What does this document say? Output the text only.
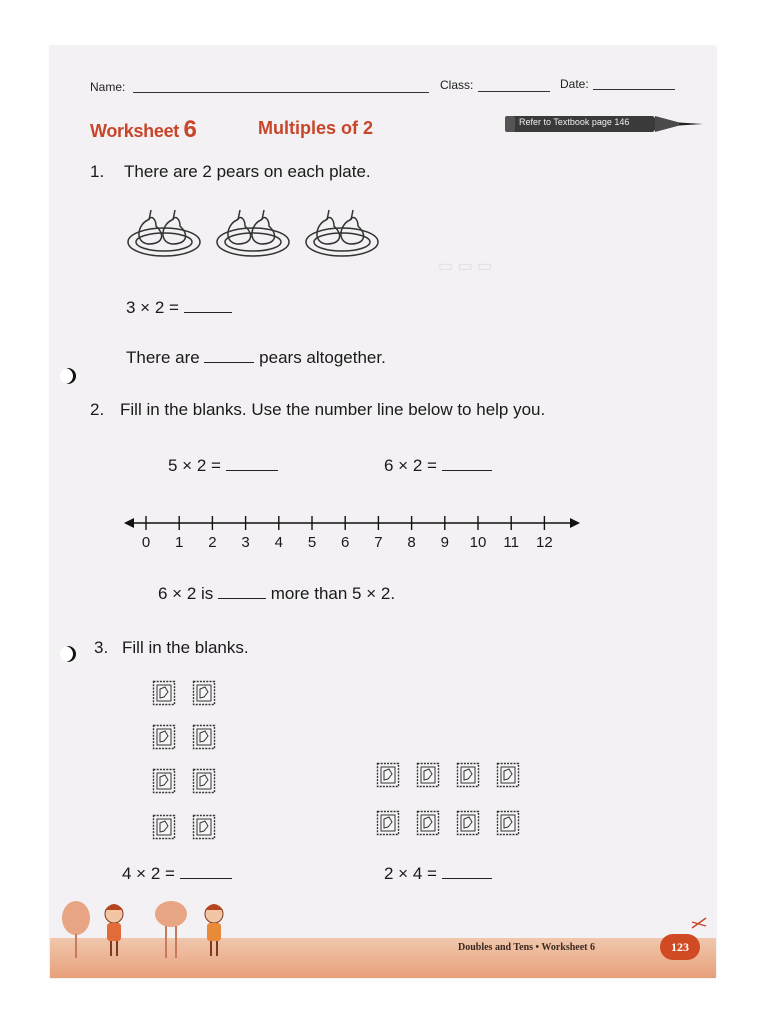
▭ ▭ ▭
Name:	Class:	Date:
Worksheet 6	Multiples of 2	Refer to Textbook page 146
1. There are 2 pears on each plate.
3 × 2 =
There are	pears altogether.
2. Fill in the blanks. Use the number line below to help you.
5 × 2 =	6 × 2 =
0	1	2	3	4	5	6	7	8	9	10 11 12
6 × 2 is	more than 5 × 2.
3. Fill in the blanks.
4 × 2 =	2 × 4 =
Doubles and Tens • Worksheet 6	123
